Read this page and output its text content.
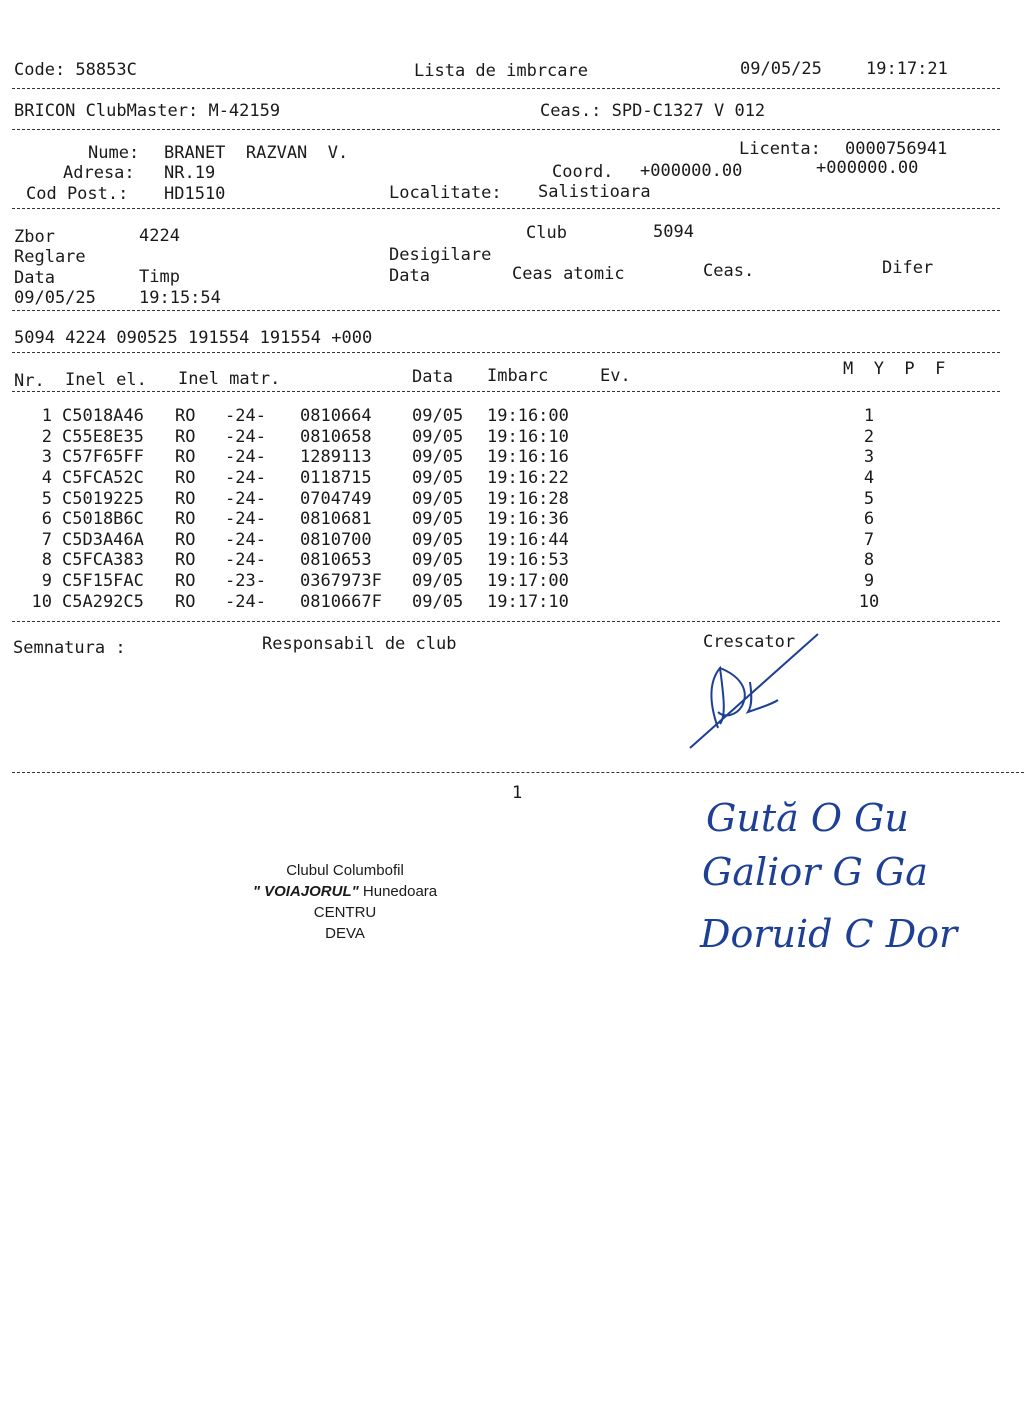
Code: 58853C	Lista de imbrcare	09/05/25	19:17:21
BRICON ClubMaster: M-42159	Ceas.: SPD-C1327 V 012
Nume: BRANET  RAZVAN  V.	Licenta: 0000756941
Adresa: NR.19	Coord. +000000.00	+000000.00
Cod Post.: HD1510	Localitate: Salistioara
Zbor	4224	Club	5094
Reglare	Desigilare
Data	Timp	Data	Ceas atomic	Ceas.	Difer
09/05/25	19:15:54
5094 4224 090525 191554 191554 +000
Nr. Inel el. Inel matr.	Data Imbarc	Ev.	M  Y  P  F
1	C5018A46	RO	-24-	0810664	09/05	19:16:00	1
2	C55E8E35	RO	-24-	0810658	09/05	19:16:10	2
3	C57F65FF	RO	-24-	1289113	09/05	19:16:16	3
4	C5FCA52C	RO	-24-	0118715	09/05	19:16:22	4
5	C5019225	RO	-24-	0704749	09/05	19:16:28	5
6	C5018B6C	RO	-24-	0810681	09/05	19:16:36	6
7	C5D3A46A	RO	-24-	0810700	09/05	19:16:44	7
8	C5FCA383	RO	-24-	0810653	09/05	19:16:53	8
9	C5F15FAC	RO	-23-	0367973F	09/05	19:17:00	9
10	C5A292C5	RO	-24-	0810667F	09/05	19:17:10	10
Semnatura :	Responsabil de club	Crescator
1
Clubul Columbofil
" VOIAJORUL" Hunedoara
CENTRU
DEVA
Gută O Gu
Galior G Ga
Doruid C Dor
